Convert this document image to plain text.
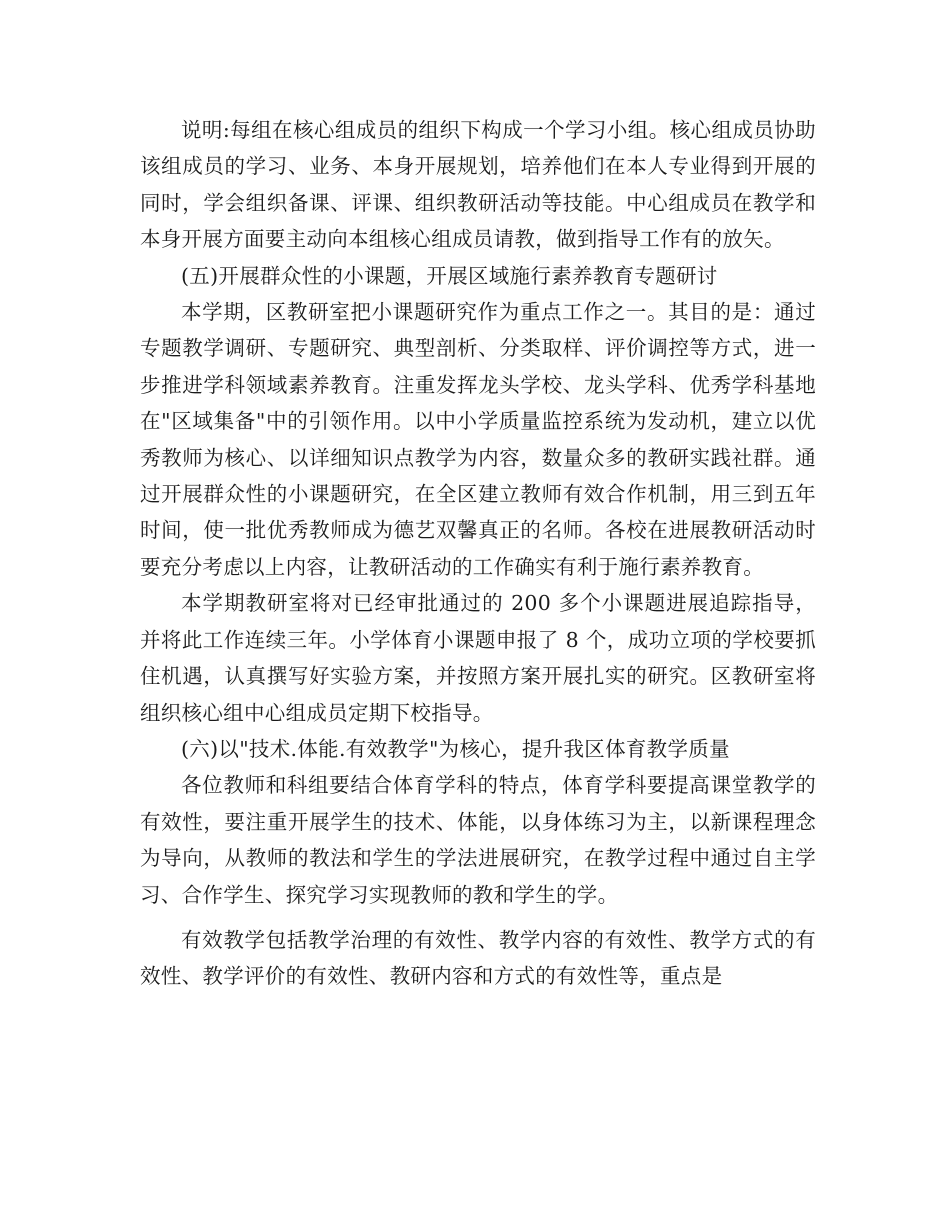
说明:每组在核心组成员的组织下构成一个学习小组。核心组成员协助该组成员的学习、业务、本身开展规划，培养他们在本人专业得到开展的同时，学会组织备课、评课、组织教研活动等技能。中心组成员在教学和本身开展方面要主动向本组核心组成员请教，做到指导工作有的放矢。

(五)开展群众性的小课题，开展区域施行素养教育专题研讨

本学期，区教研室把小课题研究作为重点工作之一。其目的是：通过专题教学调研、专题研究、典型剖析、分类取样、评价调控等方式，进一步推进学科领域素养教育。注重发挥龙头学校、龙头学科、优秀学科基地在"区域集备"中的引领作用。以中小学质量监控系统为发动机，建立以优秀教师为核心、以详细知识点教学为内容，数量众多的教研实践社群。通过开展群众性的小课题研究，在全区建立教师有效合作机制，用三到五年时间，使一批优秀教师成为德艺双馨真正的名师。各校在进展教研活动时要充分考虑以上内容，让教研活动的工作确实有利于施行素养教育。

本学期教研室将对已经审批通过的 200 多个小课题进展追踪指导，并将此工作连续三年。小学体育小课题申报了 8 个，成功立项的学校要抓住机遇，认真撰写好实验方案，并按照方案开展扎实的研究。区教研室将组织核心组中心组成员定期下校指导。

(六)以"技术.体能.有效教学"为核心，提升我区体育教学质量

各位教师和科组要结合体育学科的特点，体育学科要提高课堂教学的有效性，要注重开展学生的技术、体能，以身体练习为主，以新课程理念为导向，从教师的教法和学生的学法进展研究，在教学过程中通过自主学习、合作学生、探究学习实现教师的教和学生的学。

有效教学包括教学治理的有效性、教学内容的有效性、教学方式的有效性、教学评价的有效性、教研内容和方式的有效性等，重点是
